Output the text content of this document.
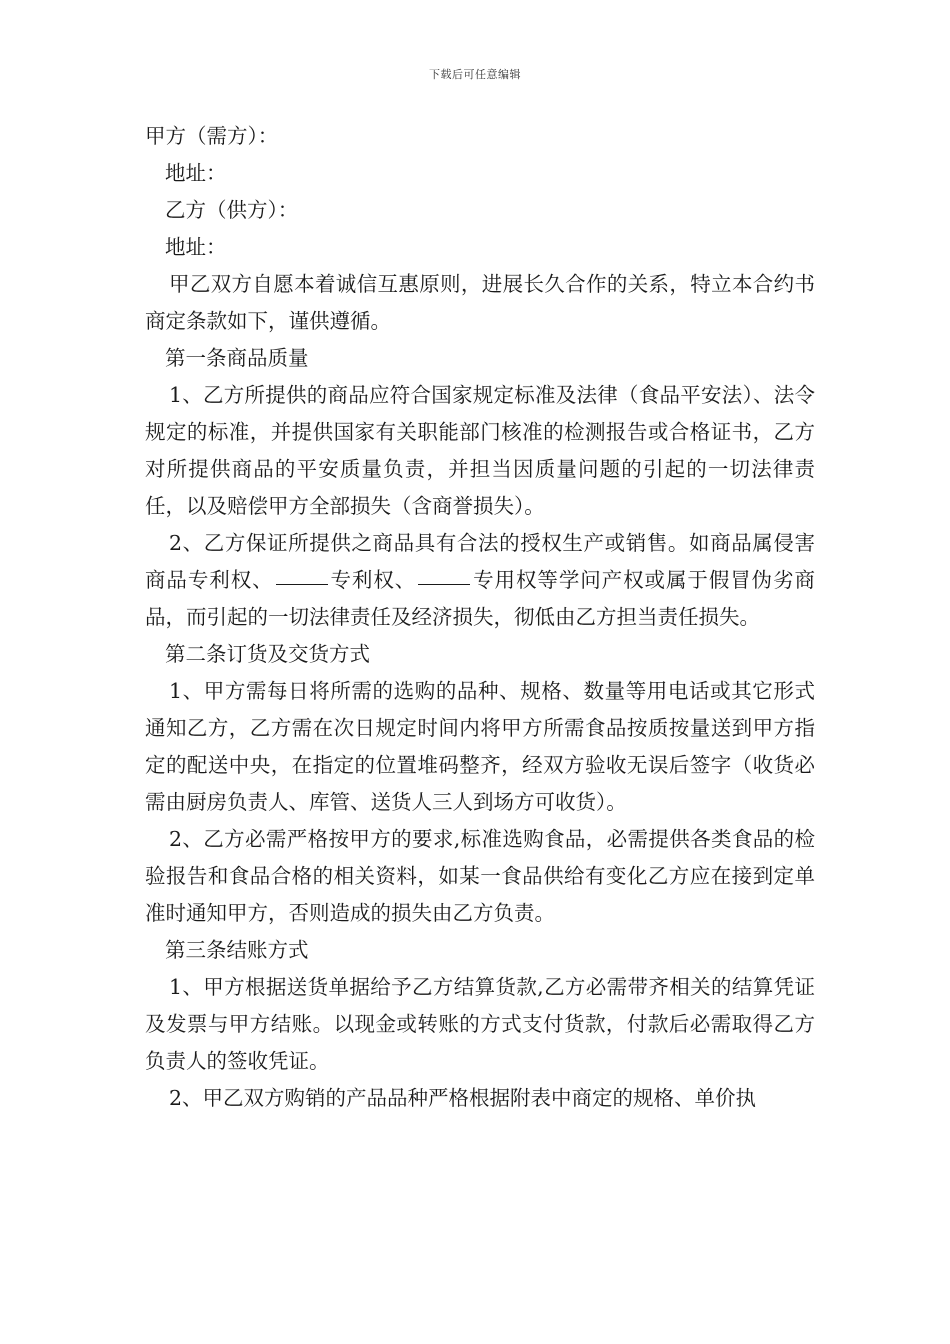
下载后可任意编辑

甲方（需方）：

地址：

乙方（供方）：

地址：

甲乙双方自愿本着诚信互惠原则，进展长久合作的关系，特立本合约书商定条款如下，谨供遵循。

第一条商品质量

1、乙方所提供的商品应符合国家规定标准及法律（食品平安法）、法令规定的标准，并提供国家有关职能部门核准的检测报告或合格证书，乙方对所提供商品的平安质量负责，并担当因质量问题的引起的一切法律责任，以及赔偿甲方全部损失（含商誉损失）。

2、乙方保证所提供之商品具有合法的授权生产或销售。如商品属侵害商品专利权、	专利权、	专用权等学问产权或属于假冒伪劣商品，而引起的一切法律责任及经济损失，彻低由乙方担当责任损失。

第二条订货及交货方式

1、甲方需每日将所需的选购的品种、规格、数量等用电话或其它形式通知乙方，乙方需在次日规定时间内将甲方所需食品按质按量送到甲方指定的配送中央，在指定的位置堆码整齐，经双方验收无误后签字（收货必需由厨房负责人、库管、送货人三人到场方可收货）。

2、乙方必需严格按甲方的要求,标准选购食品，必需提供各类食品的检验报告和食品合格的相关资料，如某一食品供给有变化乙方应在接到定单准时通知甲方，否则造成的损失由乙方负责。

第三条结账方式

1、甲方根据送货单据给予乙方结算货款,乙方必需带齐相关的结算凭证及发票与甲方结账。以现金或转账的方式支付货款，付款后必需取得乙方负责人的签收凭证。

2、甲乙双方购销的产品品种严格根据附表中商定的规格、单价执
